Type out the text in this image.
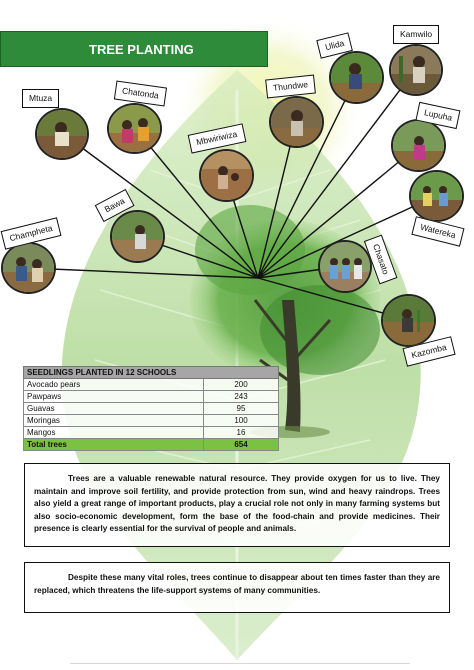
TREE PLANTING
Mtuza	Chatonda
Mbwiriwiza
Thundwe
Ulida
Kamwilo
Lupuha
Watereka
Chasato
Kazomba
Bawa
Champheta
SEEDLINGS PLANTED IN 12 SCHOOLS	
Avocado pears	200
Pawpaws	243
Guavas	95
Moringas	100
Mangos	16
Total trees	654
Trees are a valuable renewable natural resource. They provide oxygen for us to live. They maintain and improve soil fertility, and provide protection from sun, wind and heavy raindrops. Trees also yield a great range of important products, play a crucial role not only in many farming systems but also socio-economic development, form the base of the food-chain and provide medicines. Their presence is clearly essential for the survival of people and animals.
Despite these many vital roles, trees continue to disappear about ten times faster than they are replaced, which threatens the life-support systems of many communities.
